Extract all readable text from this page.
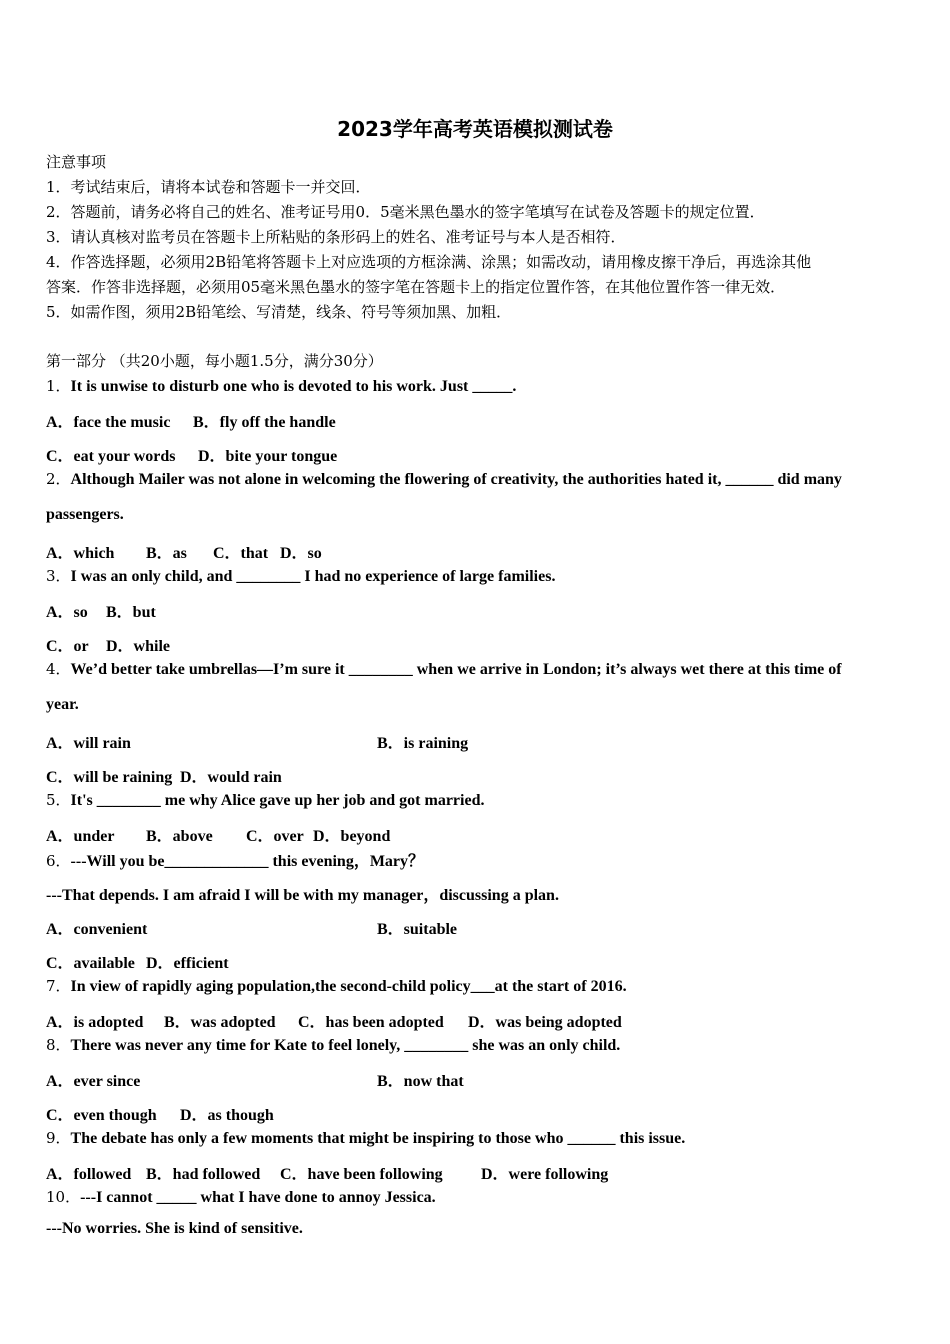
2023学年高考英语模拟测试卷
注意事项
1．考试结束后，请将本试卷和答题卡一并交回．
2．答题前，请务必将自己的姓名、准考证号用0．5毫米黑色墨水的签字笔填写在试卷及答题卡的规定位置．
3．请认真核对监考员在答题卡上所粘贴的条形码上的姓名、准考证号与本人是否相符．
4．作答选择题，必须用2B铅笔将答题卡上对应选项的方框涂满、涂黑；如需改动，请用橡皮擦干净后，再选涂其他
答案．作答非选择题，必须用05毫米黑色墨水的签字笔在答题卡上的指定位置作答，在其他位置作答一律无效．
5．如需作图，须用2B铅笔绘、写清楚，线条、符号等须加黑、加粗．
第一部分 （共20小题，每小题1.5分，满分30分）
1．It is unwise to disturb one who is devoted to his work. Just _____.
A．face the music B．fly off the handle
C．eat your words D．bite your tongue
2．Although Mailer was not alone in welcoming the flowering of creativity, the authorities hated it, ______ did many
passengers.
A．which B．as C．that D．so
3．I was an only child, and ________ I had no experience of large families.
A．so B．but
C．or D．while
4．We’d better take umbrellas—I’m sure it ________ when we arrive in London; it’s always wet there at this time of
year.
A．will rain	B．is raining
C．will be raining D．would rain
5．It's ________ me why Alice gave up her job and got married.
A．under B．above C．over D．beyond
6．---Will you be_____________ this evening，Mary？
---That depends. I am afraid I will be with my manager，discussing a plan.
A．convenient	B．suitable
C．available D．efficient
7．In view of rapidly aging population,the second-child policy___at the start of 2016.
A．is adopted B．was adopted C．has been adopted D．was being adopted
8．There was never any time for Kate to feel lonely, ________ she was an only child.
A．ever since	B．now that
C．even though D．as though
9．The debate has only a few moments that might be inspiring to those who ______ this issue.
A．followed B．had followed C．have been following D．were following
10．---I cannot _____ what I have done to annoy Jessica.
---No worries. She is kind of sensitive.
